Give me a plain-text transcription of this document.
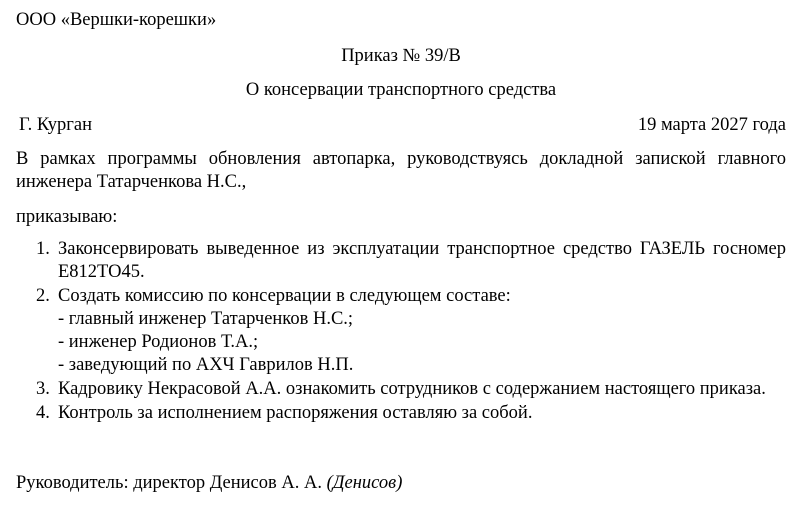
ООО «Вершки-корешки»
Приказ № 39/В
О консервации транспортного средства
Г. Курган	19 марта 2027 года
В рамках программы обновления автопарка, руководствуясь докладной запиской главного инженера Татарченкова Н.С.,
приказываю:
1. Законсервировать выведенное из эксплуатации транспортное средство ГАЗЕЛЬ госномер Е812ТО45.
2. Создать комиссию по консервации в следующем составе:
- главный инженер Татарченков Н.С.;
- инженер Родионов Т.А.;
- заведующий по АХЧ Гаврилов Н.П.
3. Кадровику Некрасовой А.А. ознакомить сотрудников с содержанием настоящего приказа.
4. Контроль за исполнением распоряжения оставляю за собой.
Руководитель: директор Денисов А. А. (Денисов)
